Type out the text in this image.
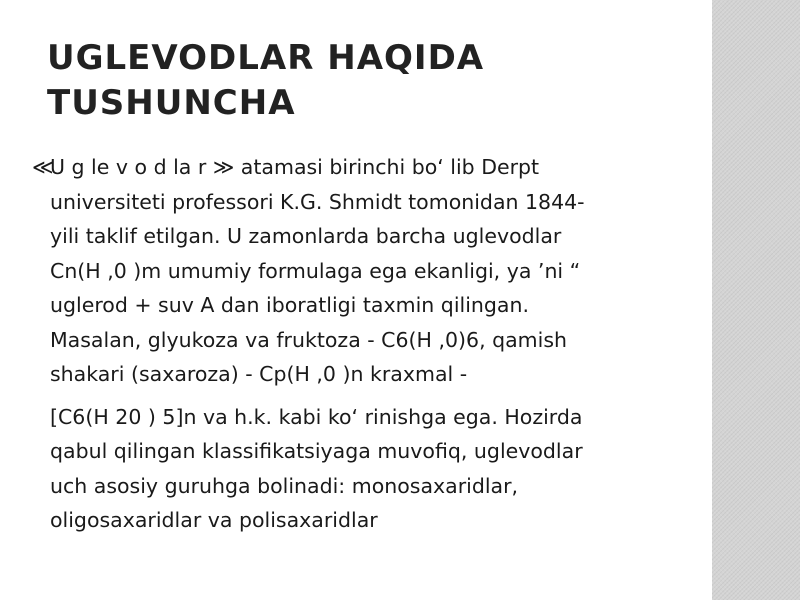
UGLEVODLAR HAQIDA
TUSHUNCHA
≪
U g le v o d la r ≫ atamasi birinchi bo‘ lib Derpt
universiteti professori K.G. Shmidt tomonidan 1844-
yili taklif etilgan. U zamonlarda barcha uglevodlar
Cn(H ,0 )m umumiy formulaga ega ekanligi, ya ’ni “
uglerod + suv A dan iboratligi taxmin qilingan.
Masalan, glyukoza va fruktoza - C6(H ,0)6, qamish
shakari (saxaroza) - Cp(H ,0 )n kraxmal -
[C6(H 20 ) 5]n va h.k. kabi ko‘ rinishga ega. Hozirda
qabul qilingan klassifikatsiyaga muvofiq, uglevodlar
uch asosiy guruhga bolinadi: monosaxaridlar,
oligosaxaridlar va polisaxaridlar
